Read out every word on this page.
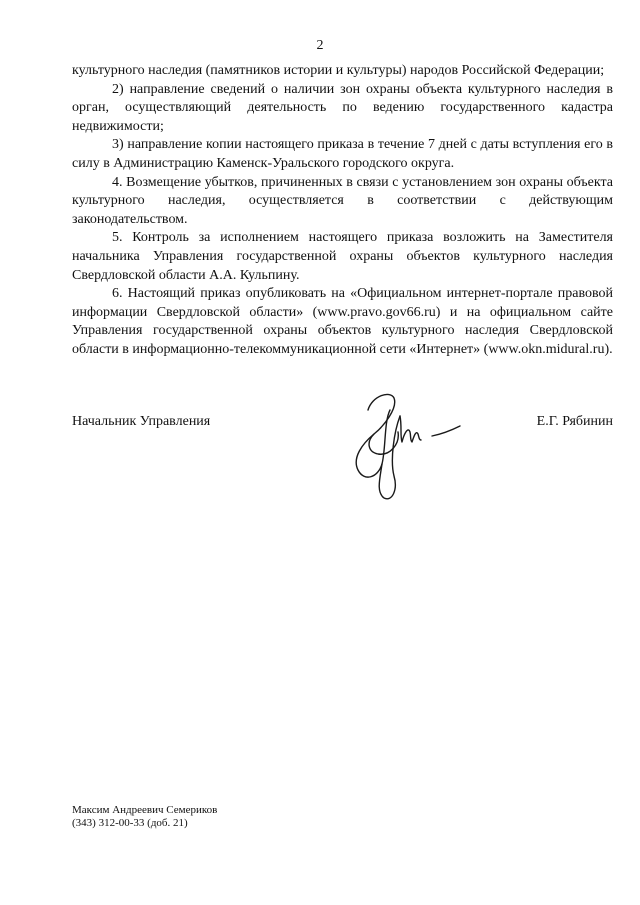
2

культурного наследия (памятников истории и культуры) народов Российской Федерации;

2) направление сведений о наличии зон охраны объекта культурного наследия в орган, осуществляющий деятельность по ведению государственного кадастра недвижимости;

3) направление копии настоящего приказа в течение 7 дней с даты вступления его в силу в Администрацию Каменск-Уральского городского округа.

4. Возмещение убытков, причиненных в связи с установлением зон охраны объекта культурного наследия, осуществляется в соответствии с действующим законодательством.

5. Контроль за исполнением настоящего приказа возложить на Заместителя начальника Управления государственной охраны объектов культурного наследия Свердловской области А.А. Кульпину.

6. Настоящий приказ опубликовать на «Официальном интернет-портале правовой информации Свердловской области» (www.pravo.gov66.ru) и на официальном сайте Управления государственной охраны объектов культурного наследия Свердловской области в информационно-телекоммуникационной сети «Интернет» (www.okn.midural.ru).

Начальник Управления	Е.Г. Рябинин
Максим Андреевич Семериков
(343) 312-00-33 (доб. 21)
